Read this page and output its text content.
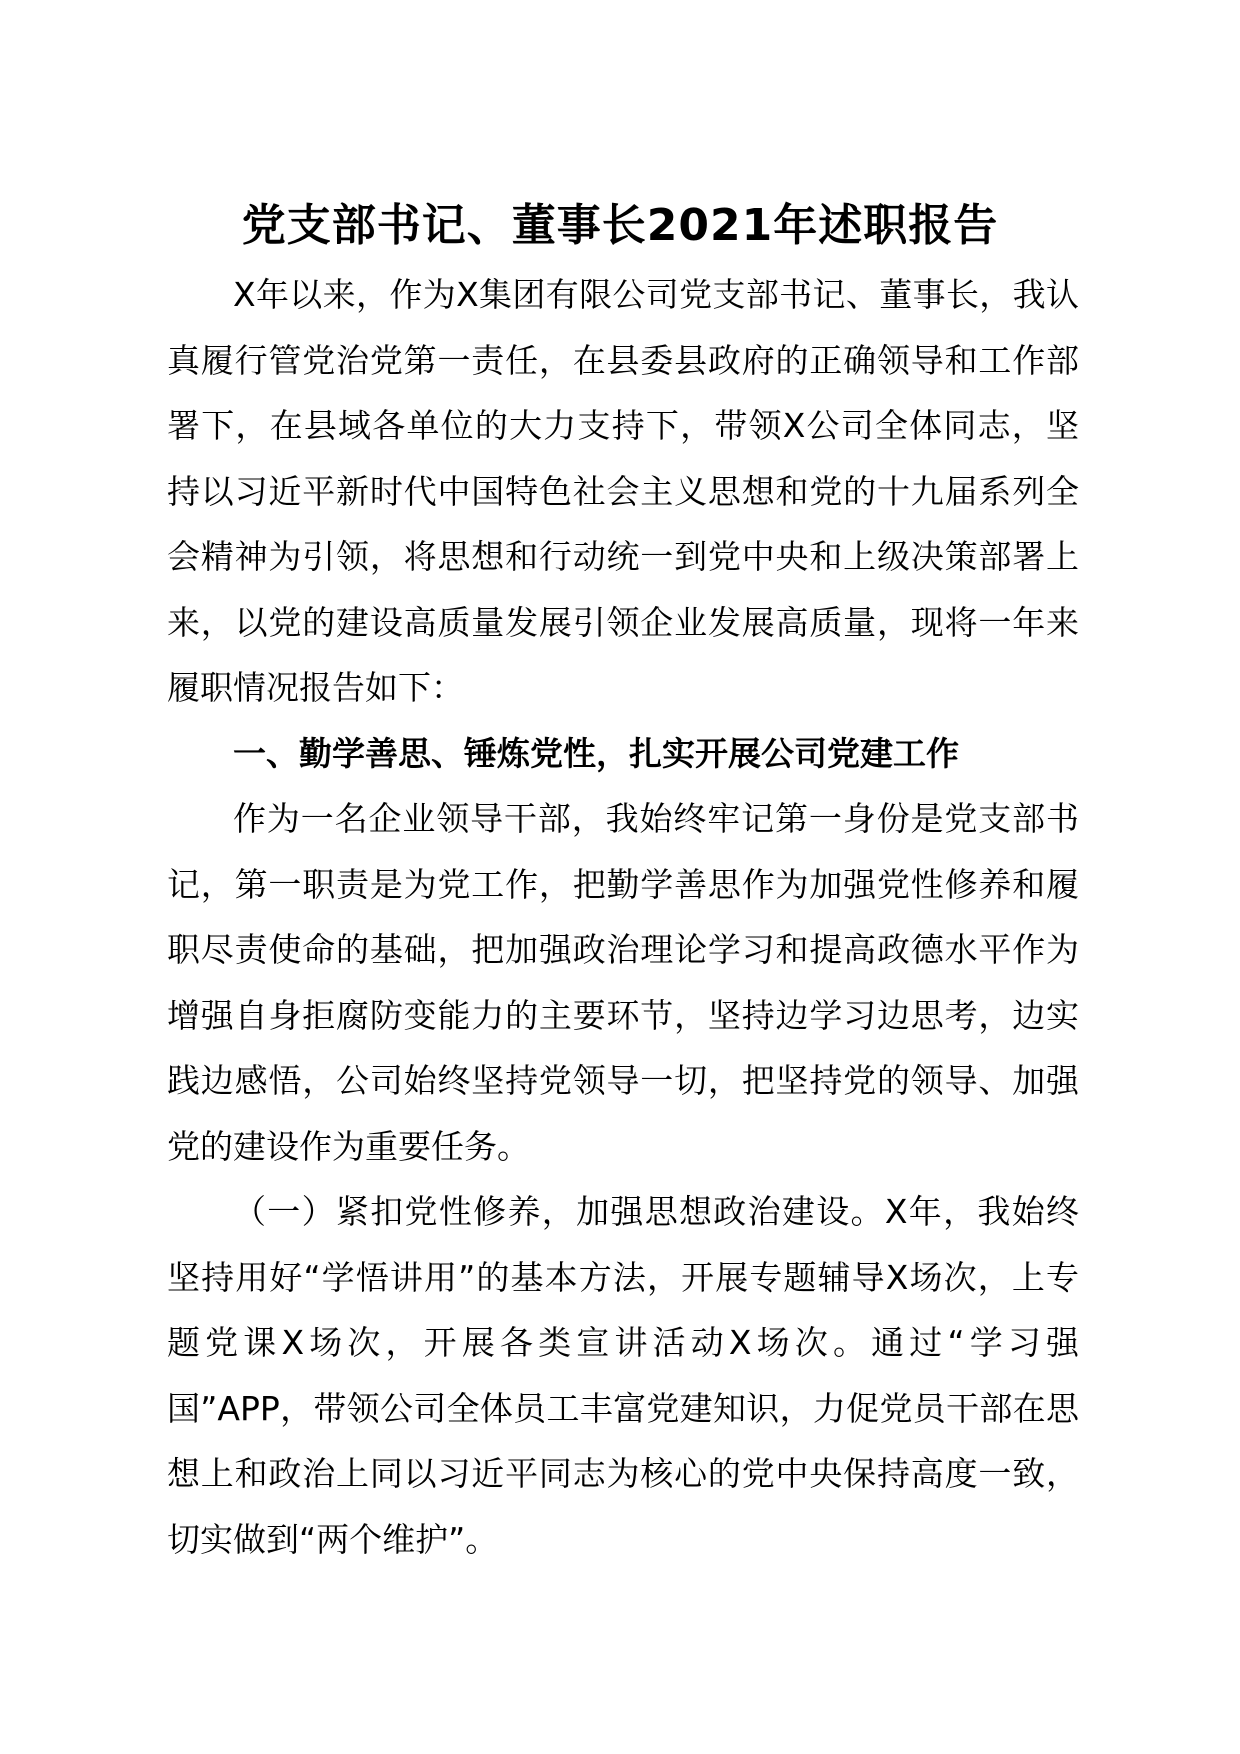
党支部书记、董事长2021年述职报告

X年以来，作为X集团有限公司党支部书记、董事长，我认真履行管党治党第一责任，在县委县政府的正确领导和工作部署下，在县域各单位的大力支持下，带领X公司全体同志，坚持以习近平新时代中国特色社会主义思想和党的十九届系列全会精神为引领，将思想和行动统一到党中央和上级决策部署上来，以党的建设高质量发展引领企业发展高质量，现将一年来履职情况报告如下：

一、勤学善思、锤炼党性，扎实开展公司党建工作

作为一名企业领导干部，我始终牢记第一身份是党支部书记，第一职责是为党工作，把勤学善思作为加强党性修养和履职尽责使命的基础，把加强政治理论学习和提高政德水平作为增强自身拒腐防变能力的主要环节，坚持边学习边思考，边实践边感悟，公司始终坚持党领导一切，把坚持党的领导、加强党的建设作为重要任务。

（一）紧扣党性修养，加强思想政治建设。X年，我始终坚持用好“学悟讲用”的基本方法，开展专题辅导X场次，上专题党课X场次，开展各类宣讲活动X场次。通过“学习强国”APP，带领公司全体员工丰富党建知识，力促党员干部在思想上和政治上同以习近平同志为核心的党中央保持高度一致，切实做到“两个维护”。
